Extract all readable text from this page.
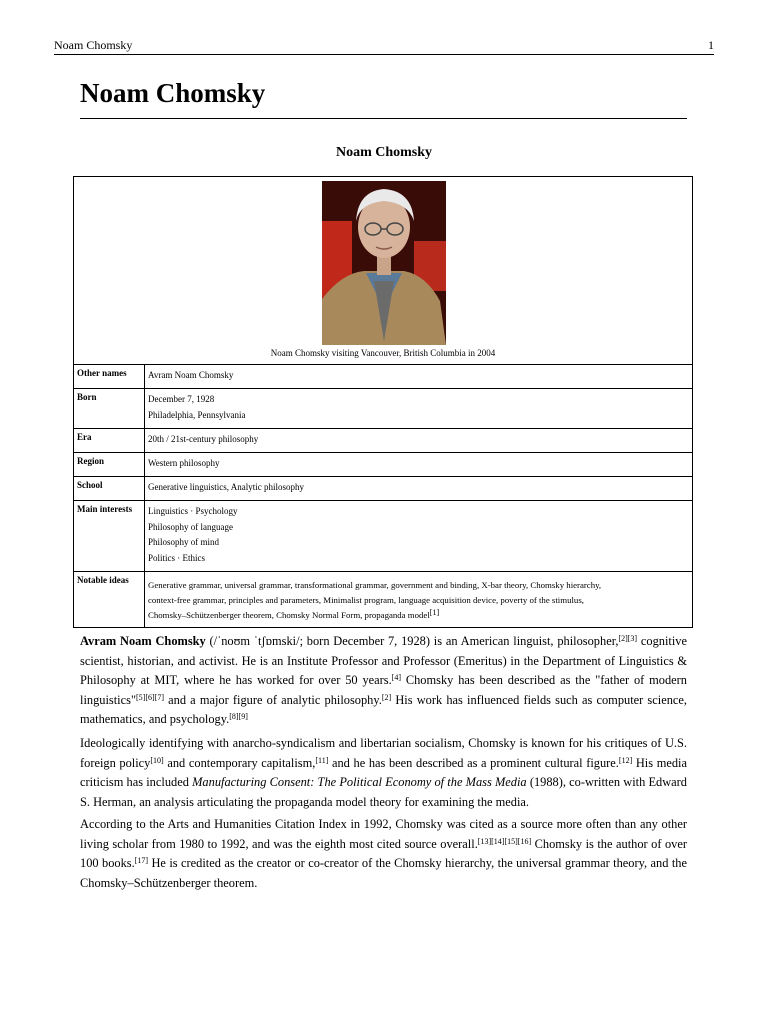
Noam Chomsky	1
Noam Chomsky
Noam Chomsky
Noam Chomsky visiting Vancouver, British Columbia in 2004
Other names	Avram Noam Chomsky
Born	December 7, 1928
Philadelphia, Pennsylvania
Era	20th / 21st-century philosophy
Region	Western philosophy
School	Generative linguistics, Analytic philosophy
Main interests	Linguistics · Psychology
Philosophy of language
Philosophy of mind
Politics · Ethics
Notable ideas	Generative grammar, universal grammar, transformational grammar, government and binding, X-bar theory, Chomsky hierarchy,
context-free grammar, principles and parameters, Minimalist program, language acquisition device, poverty of the stimulus,
Chomsky–Schützenberger theorem, Chomsky Normal Form, propaganda model[1]
Avram Noam Chomsky (/ˈnoʊm ˈtʃɒmski/; born December 7, 1928) is an American linguist, philosopher,[2][3] cognitive scientist, historian, and activist. He is an Institute Professor and Professor (Emeritus) in the Department of Linguistics & Philosophy at MIT, where he has worked for over 50 years.[4] Chomsky has been described as the "father of modern linguistics"[5][6][7] and a major figure of analytic philosophy.[2] His work has influenced fields such as computer science, mathematics, and psychology.[8][9]
Ideologically identifying with anarcho-syndicalism and libertarian socialism, Chomsky is known for his critiques of U.S. foreign policy[10] and contemporary capitalism,[11] and he has been described as a prominent cultural figure.[12] His media criticism has included Manufacturing Consent: The Political Economy of the Mass Media (1988), co-written with Edward S. Herman, an analysis articulating the propaganda model theory for examining the media.
According to the Arts and Humanities Citation Index in 1992, Chomsky was cited as a source more often than any other living scholar from 1980 to 1992, and was the eighth most cited source overall.[13][14][15][16] Chomsky is the author of over 100 books.[17] He is credited as the creator or co-creator of the Chomsky hierarchy, the universal grammar theory, and the Chomsky–Schützenberger theorem.
